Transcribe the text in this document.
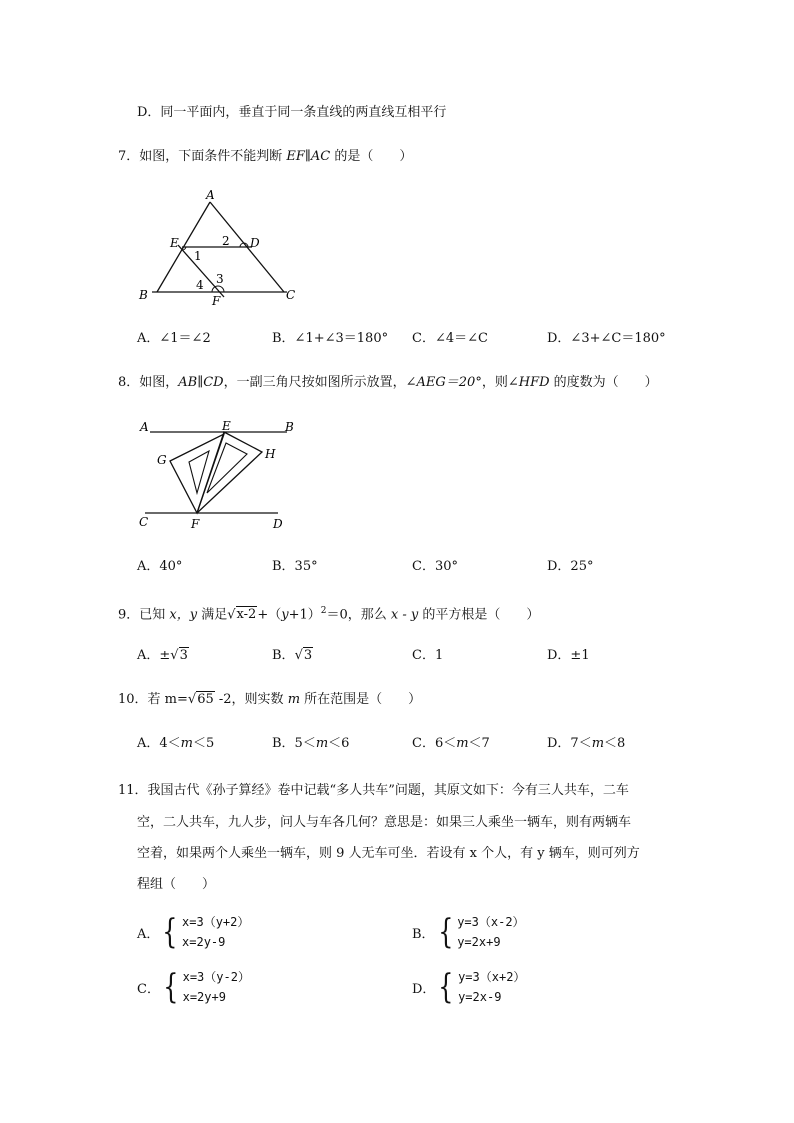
D．同一平面内，垂直于同一条直线的两直线互相平行
7．如图，下面条件不能判断 EF∥AC 的是（　　）
A
E	D
2
1
3
4
B	F	C
A．∠1＝∠2	B．∠1+∠3＝180° C．∠4＝∠C	D．∠3+∠C＝180°
8．如图，AB∥CD，一副三角尺按如图所示放置，∠AEG＝20°，则∠HFD 的度数为（　　）
A	E	B
G	H
C	F	D
A．40°	B．35°	C．30°	D．25°
9．已知 x，y 满足$√x-2+(y+1)^2=0$，那么 x - y 的平方根是（　　）
A．±√3	B．√3	C．1	D．±1
10．若 m=√65 -2，则实数 m 所在范围是（　　）
A．4＜m＜5	B．5＜m＜6	C．6＜m＜7	D．7＜m＜8
11．我国古代《孙子算经》卷中记载“多人共车”问题，其原文如下：今有三人共车，二车
空，二人共车，九人步，问人与车各几何？意思是：如果三人乘坐一辆车，则有两辆车
空着，如果两个人乘坐一辆车，则 9 人无车可坐．若设有 x 个人，有 y 辆车，则可列方
程组（　　）
A． { x=3（y+2）
x=2y-9
B． { y=3（x-2）
y=2x+9
C． { x=3（y-2）
x=2y+9
D． { y=3（x+2）
y=2x-9
